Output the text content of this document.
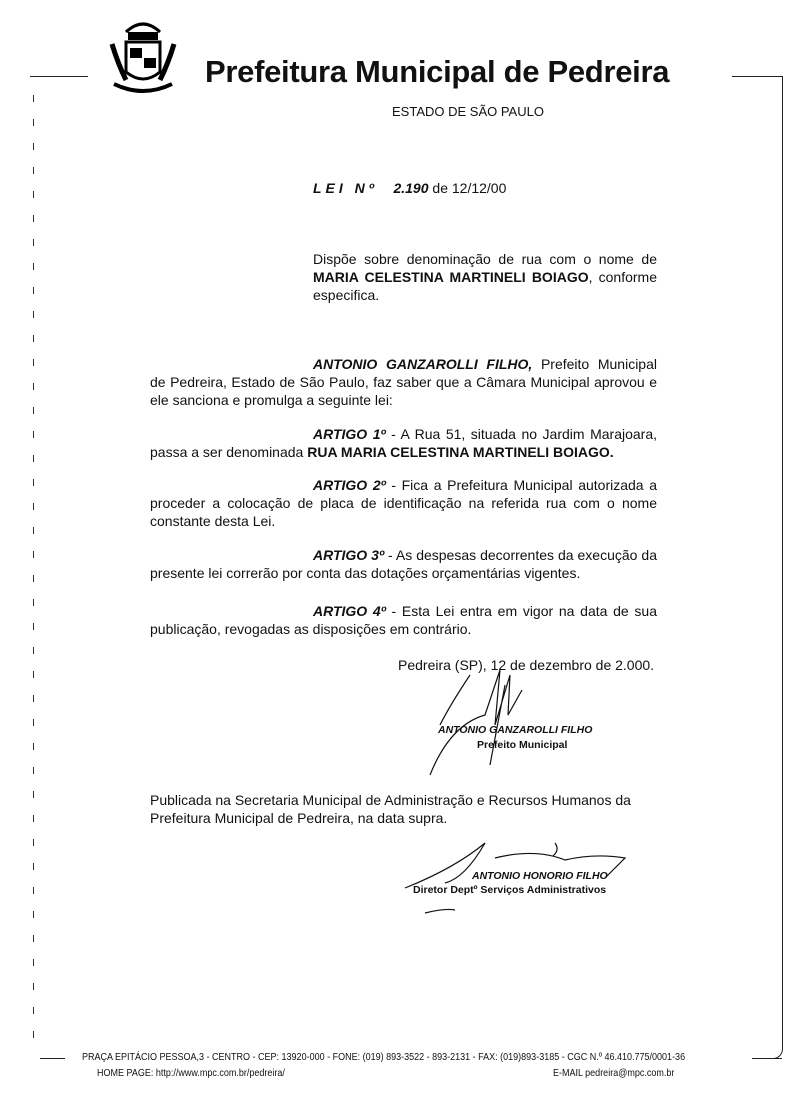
Prefeitura Municipal de Pedreira
ESTADO DE SÃO PAULO
LEI Nº 2.190 de 12/12/00
Dispõe sobre denominação de rua com o nome de MARIA CELESTINA MARTINELI BOIAGO, conforme especifica.
ANTONIO GANZAROLLI FILHO, Prefeito Municipal de Pedreira, Estado de São Paulo, faz saber que a Câmara Municipal aprovou e ele sanciona e promulga a seguinte lei:
ARTIGO 1º - A Rua 51, situada no Jardim Marajoara, passa a ser denominada RUA MARIA CELESTINA MARTINELI BOIAGO.
ARTIGO 2º - Fica a Prefeitura Municipal autorizada a proceder a colocação de placa de identificação na referida rua com o nome constante desta Lei.
ARTIGO 3º - As despesas decorrentes da execução da presente lei correrão por conta das dotações orçamentárias vigentes.
ARTIGO 4º - Esta Lei entra em vigor na data de sua publicação, revogadas as disposições em contrário.
Pedreira (SP), 12 de dezembro de 2.000.
ANTONIO GANZAROLLI FILHO
Prefeito Municipal
Publicada na Secretaria Municipal de Administração e Recursos Humanos da Prefeitura Municipal de Pedreira, na data supra.
ANTONIO HONORIO FILHO
Diretor Deptº Serviços Administrativos
PRAÇA EPITÁCIO PESSOA,3 - CENTRO - CEP: 13920-000 - FONE: (019) 893-3522 - 893-2131 - FAX: (019)893-3185 - CGC N.º 46.410.775/0001-36
HOME PAGE: http://www.mpc.com.br/pedreira/	E-MAIL pedreira@mpc.com.br
